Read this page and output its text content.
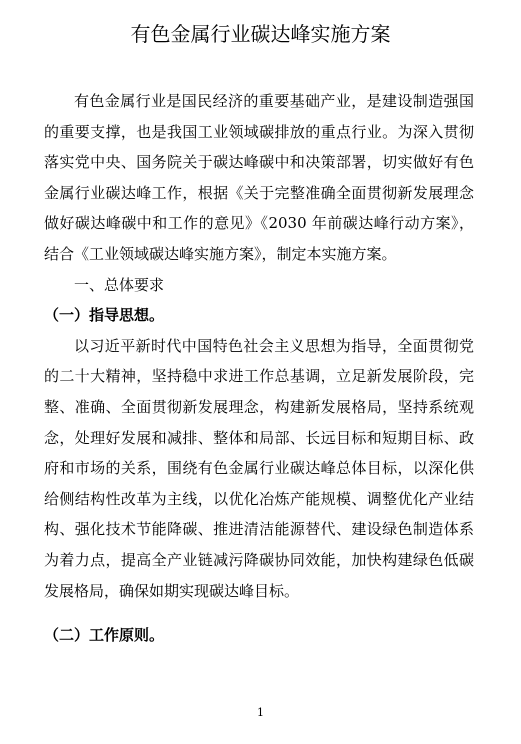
有色金属行业碳达峰实施方案

有色金属行业是国民经济的重要基础产业，是建设制造强国的重要支撑，也是我国工业领域碳排放的重点行业。为深入贯彻落实党中央、国务院关于碳达峰碳中和决策部署，切实做好有色金属行业碳达峰工作，根据《关于完整准确全面贯彻新发展理念做好碳达峰碳中和工作的意见》《2030 年前碳达峰行动方案》，结合《工业领域碳达峰实施方案》，制定本实施方案。

一、总体要求

（一）指导思想。

以习近平新时代中国特色社会主义思想为指导，全面贯彻党的二十大精神，坚持稳中求进工作总基调，立足新发展阶段，完整、准确、全面贯彻新发展理念，构建新发展格局，坚持系统观念，处理好发展和减排、整体和局部、长远目标和短期目标、政府和市场的关系，围绕有色金属行业碳达峰总体目标，以深化供给侧结构性改革为主线，以优化冶炼产能规模、调整优化产业结构、强化技术节能降碳、推进清洁能源替代、建设绿色制造体系为着力点，提高全产业链减污降碳协同效能，加快构建绿色低碳发展格局，确保如期实现碳达峰目标。

（二）工作原则。

1
